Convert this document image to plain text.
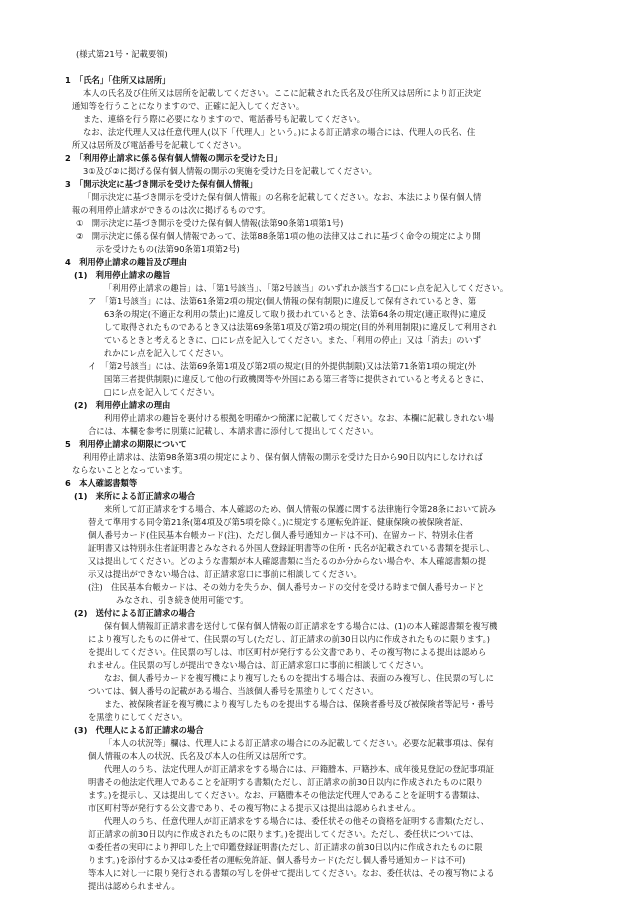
(様式第21号・記載要領)
1　「氏名」「住所又は居所」
本人の氏名及び住所又は居所を記載してください。ここに記載された氏名及び住所又は居所により訂正決定
通知等を行うことになりますので、正確に記入してください。
また、連絡を行う際に必要になりますので、電話番号も記載してください。
なお、法定代理人又は任意代理人(以下「代理人」という。)による訂正請求の場合には、代理人の氏名、住
所又は居所及び電話番号を記載してください。
2　「利用停止請求に係る保有個人情報の開示を受けた日」
3①及び②に掲げる保有個人情報の開示の実施を受けた日を記載してください。
3　「開示決定に基づき開示を受けた保有個人情報」
「開示決定に基づき開示を受けた保有個人情報」の名称を記載してください。なお、本法により保有個人情
報の利用停止請求ができるのは次に掲げるものです。
①　開示決定に基づき開示を受けた保有個人情報(法第90条第1項第1号)
②　開示決定に係る保有個人情報であって、法第88条第1項の他の法律又はこれに基づく命令の規定により開
示を受けたもの(法第90条第1項第2号)
4　利用停止請求の趣旨及び理由
(1)　利用停止請求の趣旨
「利用停止請求の趣旨」は、「第1号該当」、「第2号該当」のいずれか該当する□にレ点を記入してください。
ア　「第1号該当」には、法第61条第2項の規定(個人情報の保有制限)に違反して保有されているとき、第
63条の規定(不適正な利用の禁止)に違反して取り扱われているとき、法第64条の規定(適正取得)に違反
して取得されたものであるとき又は法第69条第1項及び第2項の規定(目的外利用制限)に違反して利用され
ているときと考えるときに、□にレ点を記入してください。また、「利用の停止」又は「消去」のいず
れかにレ点を記入してください。
イ　「第2号該当」には、法第69条第1項及び第2項の規定(目的外提供制限)又は法第71条第1項の規定(外
国第三者提供制限)に違反して他の行政機関等や外国にある第三者等に提供されていると考えるときに、
□にレ点を記入してください。
(2)　利用停止請求の理由
利用停止請求の趣旨を裏付ける根拠を明確かつ簡潔に記載してください。なお、本欄に記載しきれない場
合には、本欄を参考に別葉に記載し、本請求書に添付して提出してください。
5　利用停止請求の期限について
利用停止請求は、法第98条第3項の規定により、保有個人情報の開示を受けた日から90日以内にしなければ
ならないこととなっています。
6　本人確認書類等
(1)　来所による訂正請求の場合
来所して訂正請求をする場合、本人確認のため、個人情報の保護に関する法律施行令第28条において読み
替えて準用する同令第21条(第4項及び第5項を除く。)に規定する運転免許証、健康保険の被保険者証、
個人番号カード(住民基本台帳カード(注)、ただし個人番号通知カードは不可)、在留カード、特別永住者
証明書又は特別永住者証明書とみなされる外国人登録証明書等の住所・氏名が記載されている書類を提示し、
又は提出してください。どのような書類が本人確認書類に当たるのか分からない場合や、本人確認書類の提
示又は提出ができない場合は、訂正請求窓口に事前に相談してください。
(注)　住民基本台帳カードは、その効力を失うか、個人番号カードの交付を受ける時まで個人番号カードと
みなされ、引き続き使用可能です。
(2)　送付による訂正請求の場合
保有個人情報訂正請求書を送付して保有個人情報の訂正請求をする場合には、(1)の本人確認書類を複写機
により複写したものに併せて、住民票の写し(ただし、訂正請求の前30日以内に作成されたものに限ります。)
を提出してください。住民票の写しは、市区町村が発行する公文書であり、その複写物による提出は認めら
れません。住民票の写しが提出できない場合は、訂正請求窓口に事前に相談してください。
なお、個人番号カードを複写機により複写したものを提出する場合は、表面のみ複写し、住民票の写しに
ついては、個人番号の記載がある場合、当該個人番号を黒塗りしてください。
また、被保険者証を複写機により複写したものを提出する場合は、保険者番号及び被保険者等記号・番号
を黒塗りにしてください。
(3)　代理人による訂正請求の場合
「本人の状況等」欄は、代理人による訂正請求の場合にのみ記載してください。必要な記載事項は、保有
個人情報の本人の状況、氏名及び本人の住所又は居所です。
代理人のうち、法定代理人が訂正請求をする場合には、戸籍謄本、戸籍抄本、成年後見登記の登記事項証
明書その他法定代理人であることを証明する書類(ただし、訂正請求の前30日以内に作成されたものに限り
ます。)を提示し、又は提出してください。なお、戸籍謄本その他法定代理人であることを証明する書類は、
市区町村等が発行する公文書であり、その複写物による提示又は提出は認められません。
代理人のうち、任意代理人が訂正請求をする場合には、委任状その他その資格を証明する書類(ただし、
訂正請求の前30日以内に作成されたものに限ります。)を提出してください。ただし、委任状については、
①委任者の実印により押印した上で印鑑登録証明書(ただし、訂正請求の前30日以内に作成されたものに限
ります。)を添付するか又は②委任者の運転免許証、個人番号カード(ただし個人番号通知カードは不可)
等本人に対し一に限り発行される書類の写しを併せて提出してください。なお、委任状は、その複写物による
提出は認められません。
